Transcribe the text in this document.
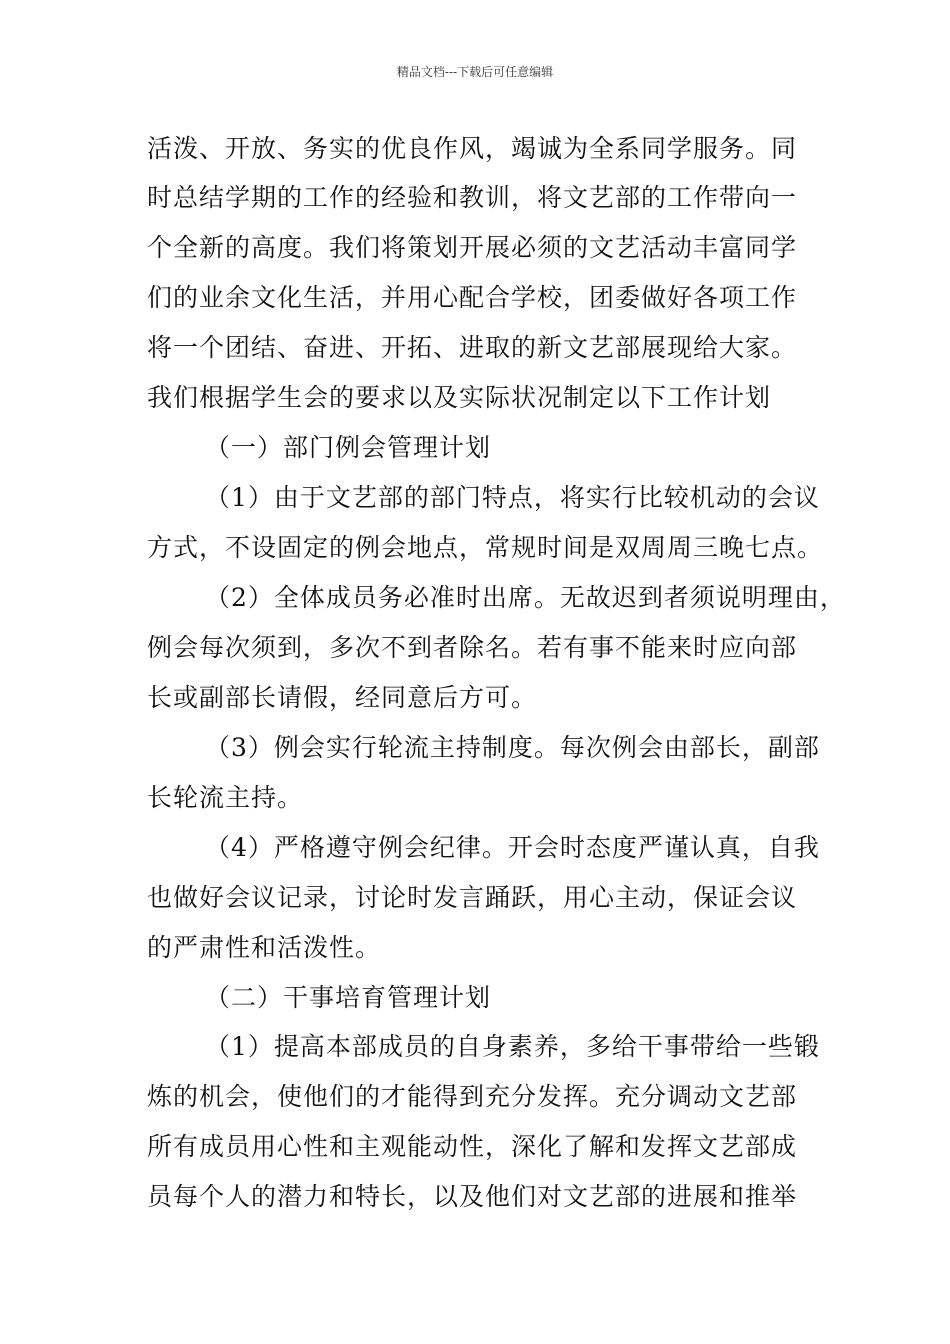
精品文档---下载后可任意编辑
活泼、开放、务实的优良作风，竭诚为全系同学服务。同
时总结学期的工作的经验和教训，将文艺部的工作带向一
个全新的高度。我们将策划开展必须的文艺活动丰富同学
们的业余文化生活，并用心配合学校，团委做好各项工作
将一个团结、奋进、开拓、进取的新文艺部展现给大家。
我们根据学生会的要求以及实际状况制定以下工作计划
（一）部门例会管理计划
（1）由于文艺部的部门特点，将实行比较机动的会议
方式，不设固定的例会地点，常规时间是双周周三晚七点。
（2）全体成员务必准时出席。无故迟到者须说明理由，
例会每次须到，多次不到者除名。若有事不能来时应向部
长或副部长请假，经同意后方可。
（3）例会实行轮流主持制度。每次例会由部长，副部
长轮流主持。
（4）严格遵守例会纪律。开会时态度严谨认真，自我
也做好会议记录，讨论时发言踊跃，用心主动，保证会议
的严肃性和活泼性。
（二）干事培育管理计划
（1）提高本部成员的自身素养，多给干事带给一些锻
炼的机会，使他们的才能得到充分发挥。充分调动文艺部
所有成员用心性和主观能动性，深化了解和发挥文艺部成
员每个人的潜力和特长，以及他们对文艺部的进展和推举
